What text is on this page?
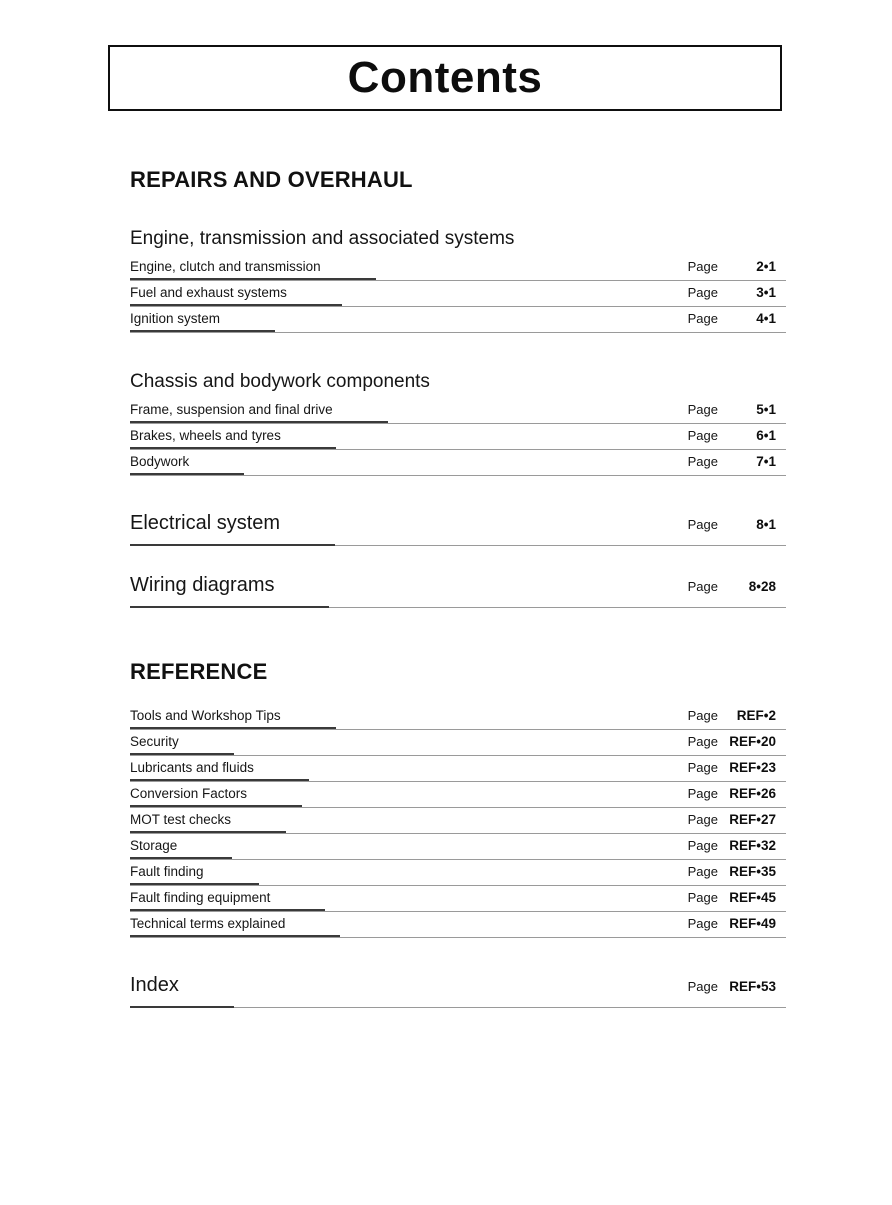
Contents
REPAIRS AND OVERHAUL
Engine, transmission and associated systems
Engine, clutch and transmission	Page	2•1
Fuel and exhaust systems	Page	3•1
Ignition system	Page	4•1
Chassis and bodywork components
Frame, suspension and final drive	Page	5•1
Brakes, wheels and tyres	Page	6•1
Bodywork	Page	7•1
Electrical system	Page	8•1
Wiring diagrams	Page	8•28
REFERENCE
Tools and Workshop Tips	Page	REF•2
Security	Page REF•20
Lubricants and fluids	Page REF•23
Conversion Factors	Page REF•26
MOT test checks	Page REF•27
Storage	Page REF•32
Fault finding	Page REF•35
Fault finding equipment	Page REF•45
Technical terms explained	Page REF•49
Index	Page REF•53
